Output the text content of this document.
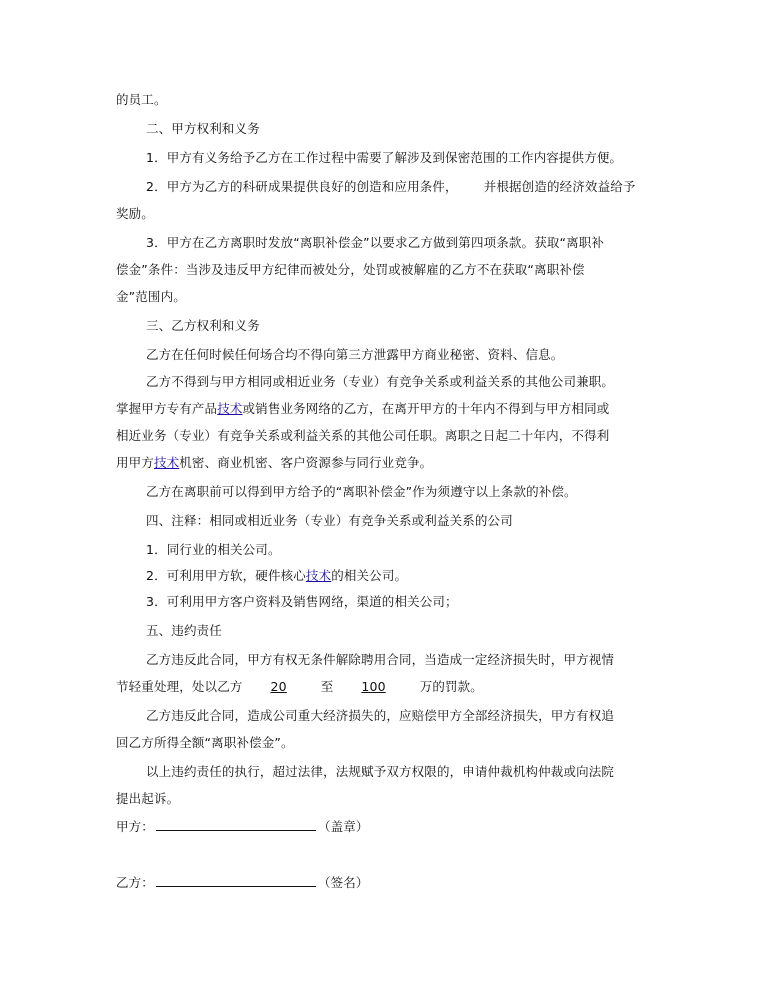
的员工。
二、甲方权利和义务
1．甲方有义务给予乙方在工作过程中需要了解涉及到保密范围的工作内容提供方便。
2．甲方为乙方的科研成果提供良好的创造和应用条件， 并根据创造的经济效益给予
奖励。
3．甲方在乙方离职时发放“离职补偿金”以要求乙方做到第四项条款。获取“离职补
偿金”条件：当涉及违反甲方纪律而被处分，处罚或被解雇的乙方不在获取“离职补偿
金”范围内。
三、乙方权利和义务
乙方在任何时候任何场合均不得向第三方泄露甲方商业秘密、资料、信息。
乙方不得到与甲方相同或相近业务（专业）有竞争关系或利益关系的其他公司兼职。
掌握甲方专有产品技术或销售业务网络的乙方，在离开甲方的十年内不得到与甲方相同或
相近业务（专业）有竞争关系或利益关系的其他公司任职。离职之日起二十年内，不得利
用甲方技术机密、商业机密、客户资源参与同行业竞争。
乙方在离职前可以得到甲方给予的“离职补偿金”作为须遵守以上条款的补偿。
四、注释：相同或相近业务（专业）有竞争关系或利益关系的公司
1．同行业的相关公司。
2．可利用甲方软，硬件核心技术的相关公司。
3．可利用甲方客户资料及销售网络，渠道的相关公司；
五、违约责任
乙方违反此合同，甲方有权无条件解除聘用合同，当造成一定经济损失时，甲方视情
节轻重处理，处以乙方 20	至 100	万的罚款。
乙方违反此合同，造成公司重大经济损失的，应赔偿甲方全部经济损失，甲方有权追
回乙方所得全额“离职补偿金”。
以上违约责任的执行，超过法律，法规赋予双方权限的，申请仲裁机构仲裁或向法院
提出起诉。
甲方：	（盖章）
乙方：	（签名）
